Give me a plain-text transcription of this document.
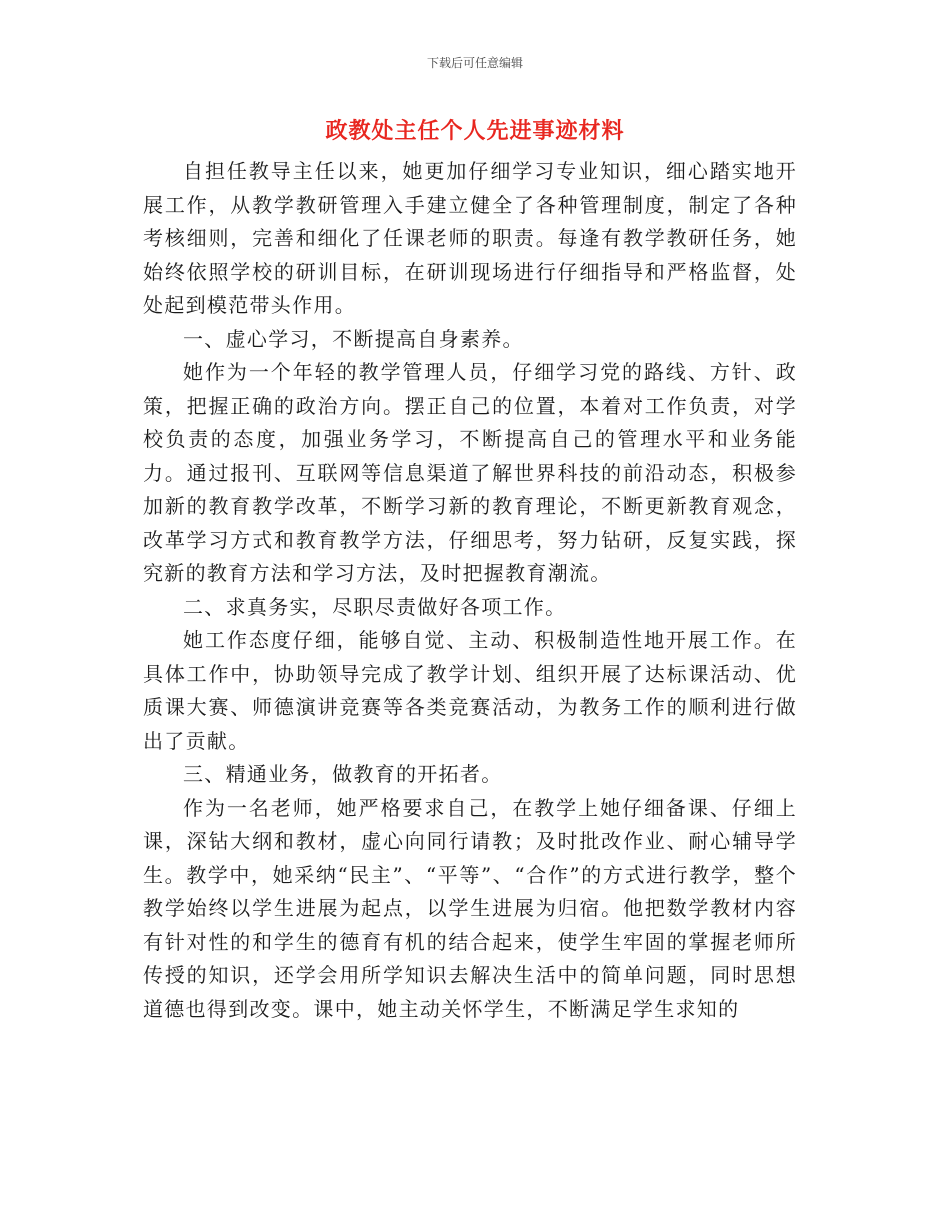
下载后可任意编辑
政教处主任个人先进事迹材料

自担任教导主任以来，她更加仔细学习专业知识，细心踏实地开展工作，从教学教研管理入手建立健全了各种管理制度，制定了各种考核细则，完善和细化了任课老师的职责。每逢有教学教研任务，她始终依照学校的研训目标，在研训现场进行仔细指导和严格监督，处处起到模范带头作用。

一、虚心学习，不断提高自身素养。

她作为一个年轻的教学管理人员，仔细学习党的路线、方针、政策，把握正确的政治方向。摆正自己的位置，本着对工作负责，对学校负责的态度，加强业务学习，不断提高自己的管理水平和业务能力。通过报刊、互联网等信息渠道了解世界科技的前沿动态，积极参加新的教育教学改革，不断学习新的教育理论，不断更新教育观念，改革学习方式和教育教学方法，仔细思考，努力钻研，反复实践，探究新的教育方法和学习方法，及时把握教育潮流。

二、求真务实，尽职尽责做好各项工作。

她工作态度仔细，能够自觉、主动、积极制造性地开展工作。在具体工作中，协助领导完成了教学计划、组织开展了达标课活动、优质课大赛、师德演讲竞赛等各类竞赛活动，为教务工作的顺利进行做出了贡献。

三、精通业务，做教育的开拓者。

作为一名老师，她严格要求自己，在教学上她仔细备课、仔细上课，深钻大纲和教材，虚心向同行请教；及时批改作业、耐心辅导学生。教学中，她采纳“民主”、“平等”、“合作”的方式进行教学，整个教学始终以学生进展为起点，以学生进展为归宿。他把数学教材内容有针对性的和学生的德育有机的结合起来，使学生牢固的掌握老师所传授的知识，还学会用所学知识去解决生活中的简单问题，同时思想道德也得到改变。课中，她主动关怀学生，不断满足学生求知的
